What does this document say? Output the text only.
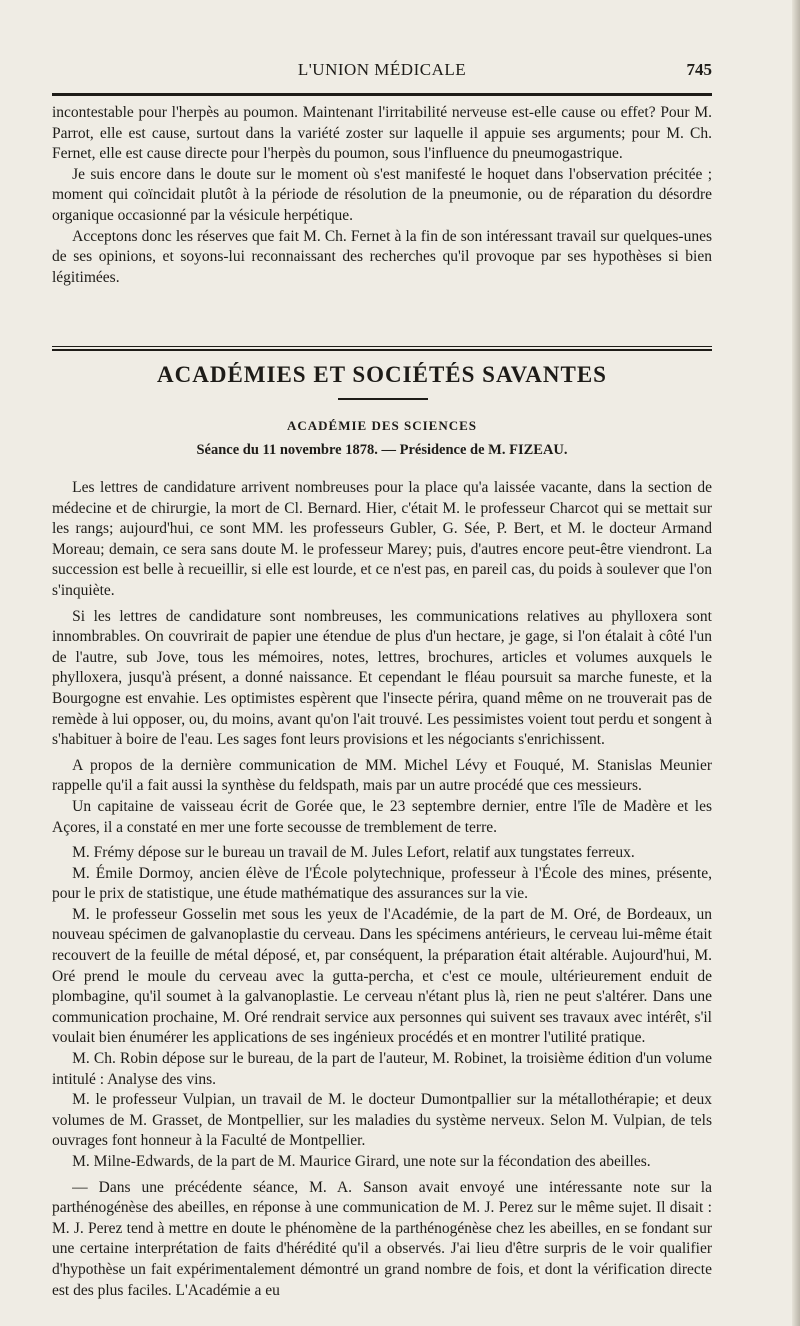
L'UNION MÉDICALE	745

incontestable pour l'herpès au poumon. Maintenant l'irritabilité nerveuse est-elle cause ou effet? Pour M. Parrot, elle est cause, surtout dans la variété zoster sur laquelle il appuie ses arguments; pour M. Ch. Fernet, elle est cause directe pour l'herpès du poumon, sous l'influence du pneumogastrique.

Je suis encore dans le doute sur le moment où s'est manifesté le hoquet dans l'observation précitée ; moment qui coïncidait plutôt à la période de résolution de la pneumonie, ou de réparation du désordre organique occasionné par la vésicule herpétique.

Acceptons donc les réserves que fait M. Ch. Fernet à la fin de son intéressant travail sur quelques-unes de ses opinions, et soyons-lui reconnaissant des recherches qu'il provoque par ses hypothèses si bien légitimées.

ACADÉMIES ET SOCIÉTÉS SAVANTES
ACADÉMIE DES SCIENCES
Séance du 11 novembre 1878. — Présidence de M. FIZEAU.

Les lettres de candidature arrivent nombreuses pour la place qu'a laissée vacante, dans la section de médecine et de chirurgie, la mort de Cl. Bernard. Hier, c'était M. le professeur Charcot qui se mettait sur les rangs; aujourd'hui, ce sont MM. les professeurs Gubler, G. Sée, P. Bert, et M. le docteur Armand Moreau; demain, ce sera sans doute M. le professeur Marey; puis, d'autres encore peut-être viendront. La succession est belle à recueillir, si elle est lourde, et ce n'est pas, en pareil cas, du poids à soulever que l'on s'inquiète.

Si les lettres de candidature sont nombreuses, les communications relatives au phylloxera sont innombrables. On couvrirait de papier une étendue de plus d'un hectare, je gage, si l'on étalait à côté l'un de l'autre, sub Jove, tous les mémoires, notes, lettres, brochures, articles et volumes auxquels le phylloxera, jusqu'à présent, a donné naissance. Et cependant le fléau poursuit sa marche funeste, et la Bourgogne est envahie. Les optimistes espèrent que l'insecte périra, quand même on ne trouverait pas de remède à lui opposer, ou, du moins, avant qu'on l'ait trouvé. Les pessimistes voient tout perdu et songent à s'habituer à boire de l'eau. Les sages font leurs provisions et les négociants s'enrichissent.

A propos de la dernière communication de MM. Michel Lévy et Fouqué, M. Stanislas Meunier rappelle qu'il a fait aussi la synthèse du feldspath, mais par un autre procédé que ces messieurs.

Un capitaine de vaisseau écrit de Gorée que, le 23 septembre dernier, entre l'île de Madère et les Açores, il a constaté en mer une forte secousse de tremblement de terre.

M. Frémy dépose sur le bureau un travail de M. Jules Lefort, relatif aux tungstates ferreux.

M. Émile Dormoy, ancien élève de l'École polytechnique, professeur à l'École des mines, présente, pour le prix de statistique, une étude mathématique des assurances sur la vie.

M. le professeur Gosselin met sous les yeux de l'Académie, de la part de M. Oré, de Bordeaux, un nouveau spécimen de galvanoplastie du cerveau. Dans les spécimens antérieurs, le cerveau lui-même était recouvert de la feuille de métal déposé, et, par conséquent, la préparation était altérable. Aujourd'hui, M. Oré prend le moule du cerveau avec la gutta-percha, et c'est ce moule, ultérieurement enduit de plombagine, qu'il soumet à la galvanoplastie. Le cerveau n'étant plus là, rien ne peut s'altérer. Dans une communication prochaine, M. Oré rendrait service aux personnes qui suivent ses travaux avec intérêt, s'il voulait bien énumérer les applications de ses ingénieux procédés et en montrer l'utilité pratique.

M. Ch. Robin dépose sur le bureau, de la part de l'auteur, M. Robinet, la troisième édition d'un volume intitulé : Analyse des vins.

M. le professeur Vulpian, un travail de M. le docteur Dumontpallier sur la métallothérapie; et deux volumes de M. Grasset, de Montpellier, sur les maladies du système nerveux. Selon M. Vulpian, de tels ouvrages font honneur à la Faculté de Montpellier.

M. Milne-Edwards, de la part de M. Maurice Girard, une note sur la fécondation des abeilles.

— Dans une précédente séance, M. A. Sanson avait envoyé une intéressante note sur la parthénogénèse des abeilles, en réponse à une communication de M. J. Perez sur le même sujet. Il disait : M. J. Perez tend à mettre en doute le phénomène de la parthénogénèse chez les abeilles, en se fondant sur une certaine interprétation de faits d'hérédité qu'il a observés. J'ai lieu d'être surpris de le voir qualifier d'hypothèse un fait expérimentalement démontré un grand nombre de fois, et dont la vérification directe est des plus faciles. L'Académie a eu
